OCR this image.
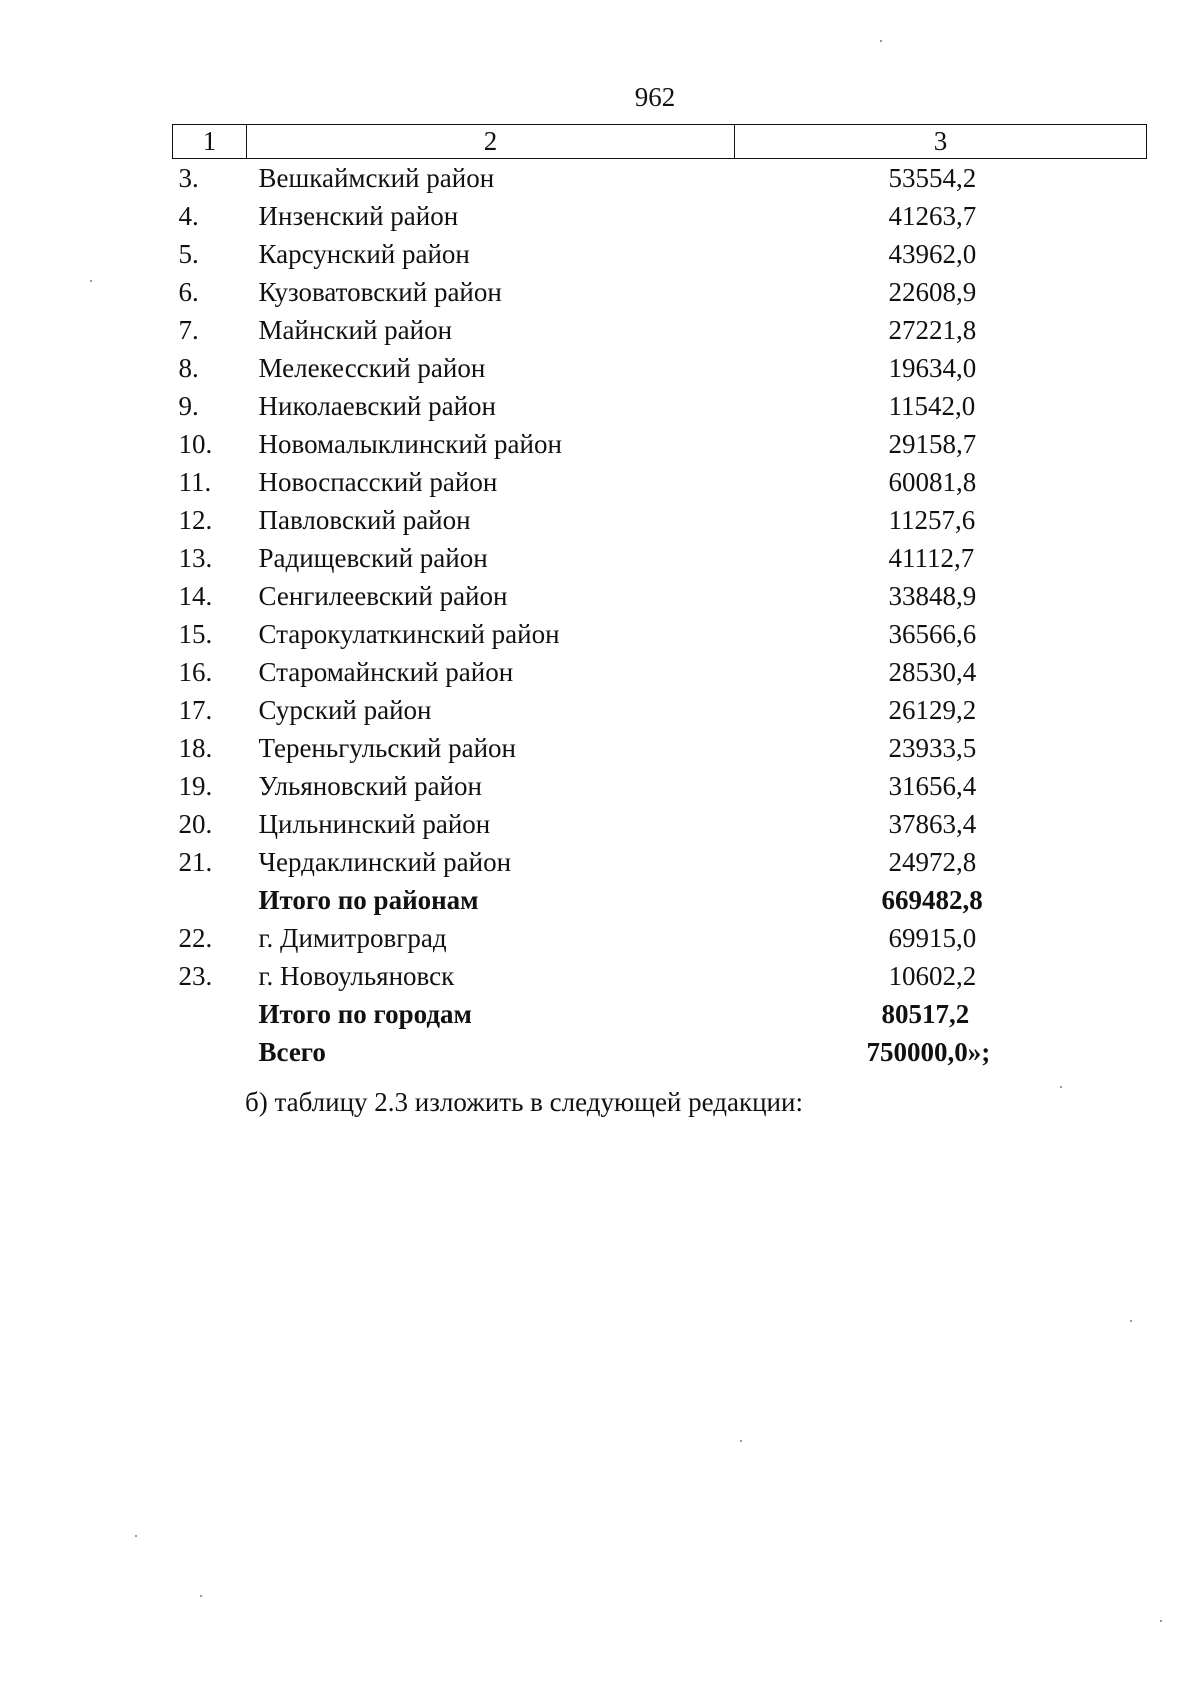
962
1	2	3
3.	Вешкаймский район	53554,2
4.	Инзенский район	41263,7
5.	Карсунский район	43962,0
6.	Кузоватовский район	22608,9
7.	Майнский район	27221,8
8.	Мелекесский район	19634,0
9.	Николаевский район	11542,0
10.	Новомалыклинский район	29158,7
11.	Новоспасский район	60081,8
12.	Павловский район	11257,6
13.	Радищевский район	41112,7
14.	Сенгилеевский район	33848,9
15.	Старокулаткинский район	36566,6
16.	Старомайнский район	28530,4
17.	Сурский район	26129,2
18.	Тереньгульский район	23933,5
19.	Ульяновский район	31656,4
20.	Цильнинский район	37863,4
21.	Чердаклинский район	24972,8
	Итого по районам	669482,8
22.	г. Димитровград	69915,0
23.	г. Новоульяновск	10602,2
	Итого по городам	80517,2
	Всего	750000,0»;
б) таблицу 2.3 изложить в следующей редакции:
